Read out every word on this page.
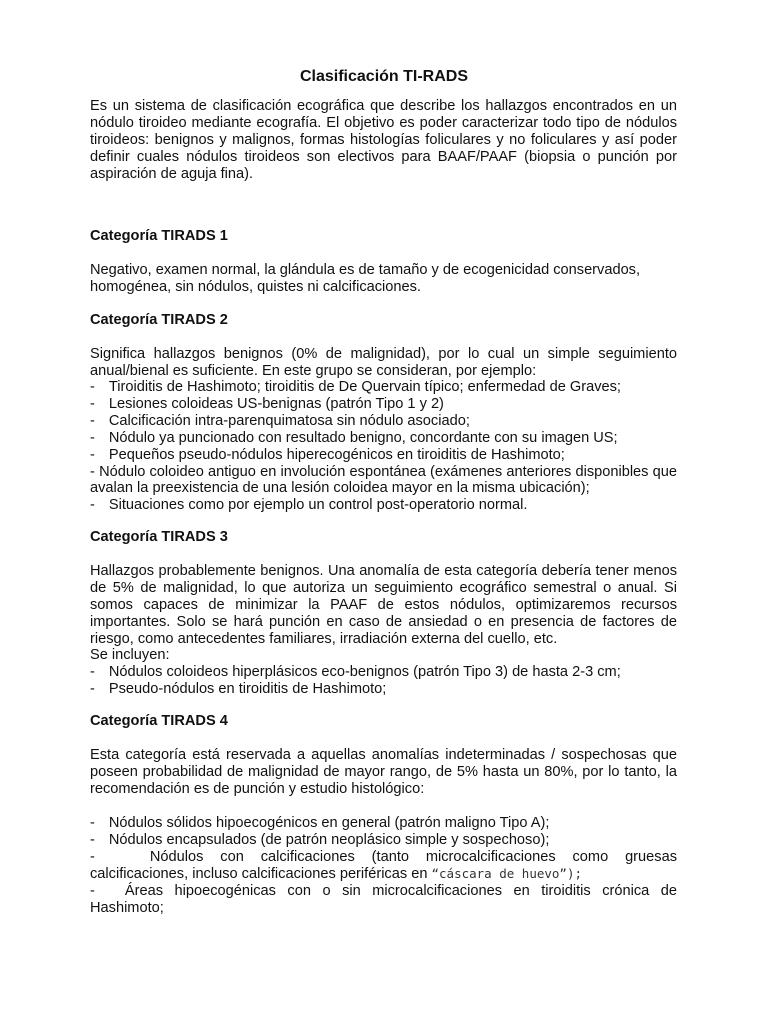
Clasificación TI-RADS
Es un sistema de clasificación ecográfica que describe los hallazgos encontrados en un nódulo tiroideo mediante ecografía. El objetivo es poder caracterizar todo tipo de nódulos tiroideos: benignos y malignos, formas histologías foliculares y no foliculares y así poder definir cuales nódulos tiroideos son electivos para BAAF/PAAF (biopsia o punción por aspiración de aguja fina).
Categoría TIRADS 1
Negativo, examen normal, la glándula es de tamaño y de ecogenicidad conservados, homogénea, sin nódulos, quistes ni calcificaciones.
Categoría TIRADS 2
Significa hallazgos benignos (0% de malignidad), por lo cual un simple seguimiento anual/bienal es suficiente. En este grupo se consideran, por ejemplo:
- Tiroiditis de Hashimoto; tiroiditis de De Quervain típico; enfermedad de Graves;
- Lesiones coloideas US-benignas (patrón Tipo 1 y 2)
- Calcificación intra-parenquimatosa sin nódulo asociado;
- Nódulo ya puncionado con resultado benigno, concordante con su imagen US;
- Pequeños pseudo-nódulos hiperecogénicos en tiroiditis de Hashimoto;
- Nódulo coloideo antiguo en involución espontánea (exámenes anteriores disponibles que avalan la preexistencia de una lesión coloidea mayor en la misma ubicación);
- Situaciones como por ejemplo un control post-operatorio normal.
Categoría TIRADS 3
Hallazgos probablemente benignos. Una anomalía de esta categoría debería tener menos de 5% de malignidad, lo que autoriza un seguimiento ecográfico semestral o anual. Si somos capaces de minimizar la PAAF de estos nódulos, optimizaremos recursos importantes. Solo se hará punción en caso de ansiedad o en presencia de factores de riesgo, como antecedentes familiares, irradiación externa del cuello, etc.
Se incluyen:
- Nódulos coloideos hiperplásicos eco-benignos (patrón Tipo 3) de hasta 2-3 cm;
- Pseudo-nódulos en tiroiditis de Hashimoto;
Categoría TIRADS 4
Esta categoría está reservada a aquellas anomalías indeterminadas / sospechosas que poseen probabilidad de malignidad de mayor rango, de 5% hasta un 80%, por lo tanto, la recomendación es de punción y estudio histológico:
- Nódulos sólidos hipoecogénicos en general (patrón maligno Tipo A);
- Nódulos encapsulados (de patrón neoplásico simple y sospechoso);
-	Nódulos con calcificaciones (tanto microcalcificaciones como gruesas calcificaciones, incluso calcificaciones periféricas en “cáscara de huevo”);
- Áreas hipoecogénicas con o sin microcalcificaciones en tiroiditis crónica de Hashimoto;
